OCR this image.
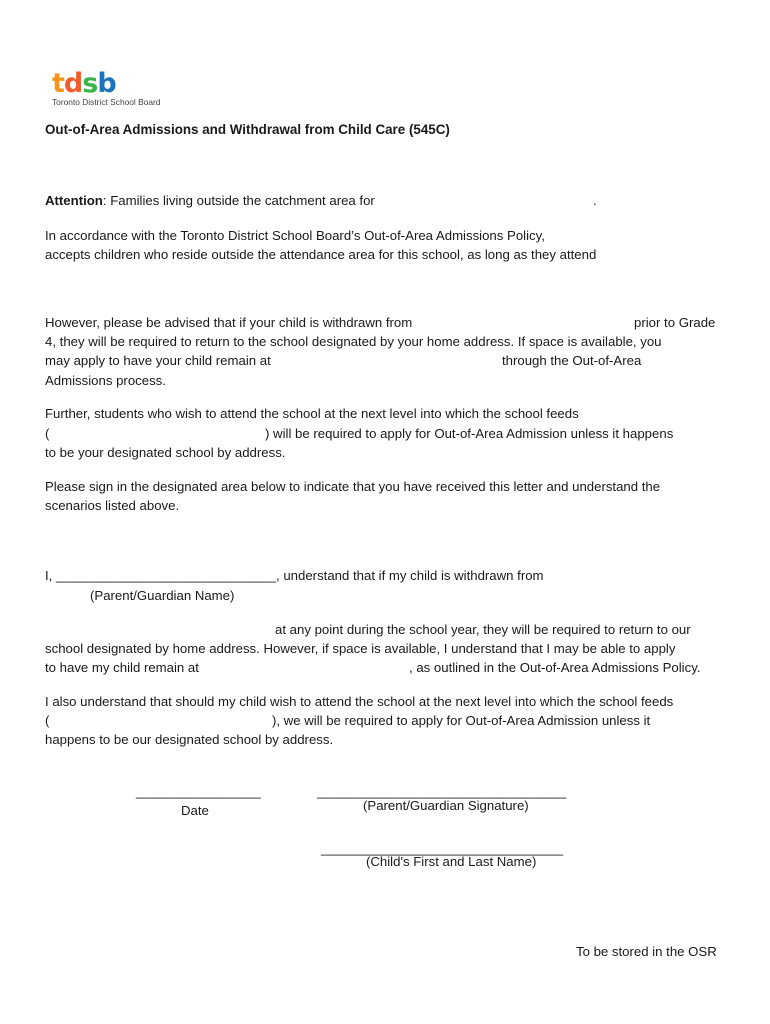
tdsb
Toronto District School Board
Out-of-Area Admissions and Withdrawal from Child Care (545C)
Attention: Families living outside the catchment area for	.
In accordance with the Toronto District School Board’s Out-of-Area Admissions Policy,
accepts children who reside outside the attendance area for this school, as long as they attend
However, please be advised that if your child is withdrawn from	prior to Grade
4, they will be required to return to the school designated by your home address. If space is available, you
may apply to have your child remain at	through the Out-of-Area
Admissions process.
Further, students who wish to attend the school at the next level into which the school feeds
(	) will be required to apply for Out-of-Area Admission unless it happens
to be your designated school by address.
Please sign in the designated area below to indicate that you have received this letter and understand the
scenarios listed above.
I, ______________________________, understand that if my child is withdrawn from
(Parent/Guardian Name)
at any point during the school year, they will be required to return to our
school designated by home address. However, if space is available, I understand that I may be able to apply
to have my child remain at	, as outlined in the Out-of-Area Admissions Policy.
I also understand that should my child wish to attend the school at the next level into which the school feeds
(	), we will be required to apply for Out-of-Area Admission unless it
happens to be our designated school by address.
_________________
Date
__________________________________
(Parent/Guardian Signature)
_________________________________
(Child's First and Last Name)
To be stored in the OSR
